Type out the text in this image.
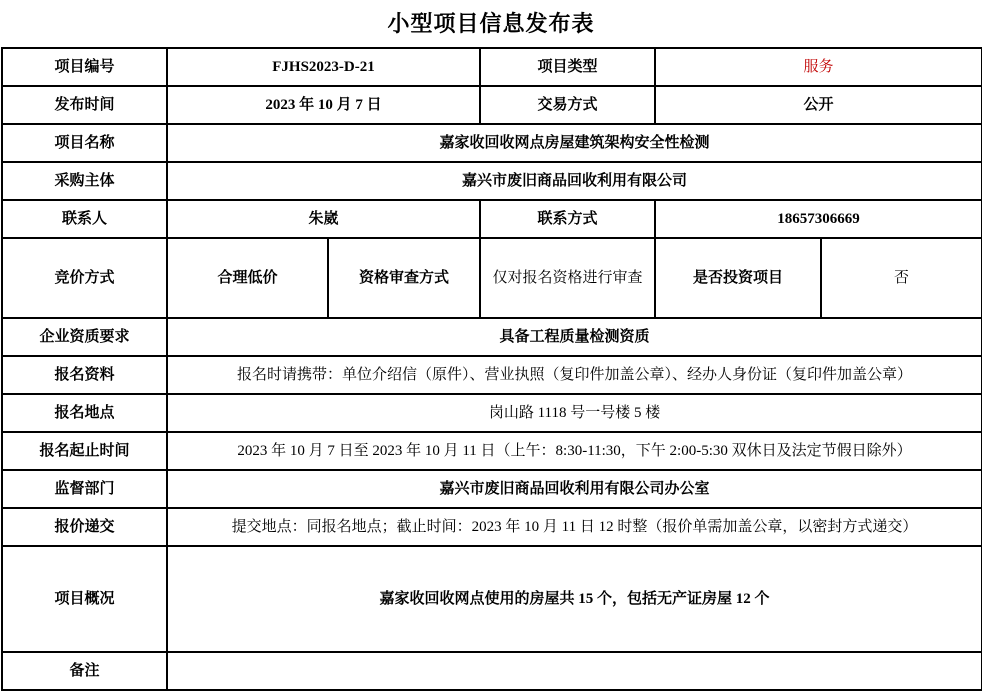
小型项目信息发布表
项目编号	FJHS2023-D-21		项目类型	服务	
发布时间	2023 年 10 月 7 日		交易方式	公开	
项目名称	嘉家收回收网点房屋建筑架构安全性检测				
采购主体	嘉兴市废旧商品回收利用有限公司				
联系人	朱崴		联系方式	18657306669	
竞价方式	合理低价	资格审查方式	仅对报名资格进行审查	是否投资项目	否
企业资质要求	具备工程质量检测资质				
报名资料	报名时请携带：单位介绍信（原件）、营业执照（复印件加盖公章）、经办人身份证（复印件加盖公章）				
报名地点	岗山路 1118 号一号楼 5 楼				
报名起止时间	2023 年 10 月 7 日至 2023 年 10 月 11 日（上午：8:30-11:30，下午 2:00-5:30 双休日及法定节假日除外）				
监督部门	嘉兴市废旧商品回收利用有限公司办公室				
报价递交	提交地点：同报名地点；截止时间：2023 年 10 月 11 日 12 时整（报价单需加盖公章，以密封方式递交）				
项目概况	嘉家收回收网点使用的房屋共 15 个，包括无产证房屋 12 个				
备注					
